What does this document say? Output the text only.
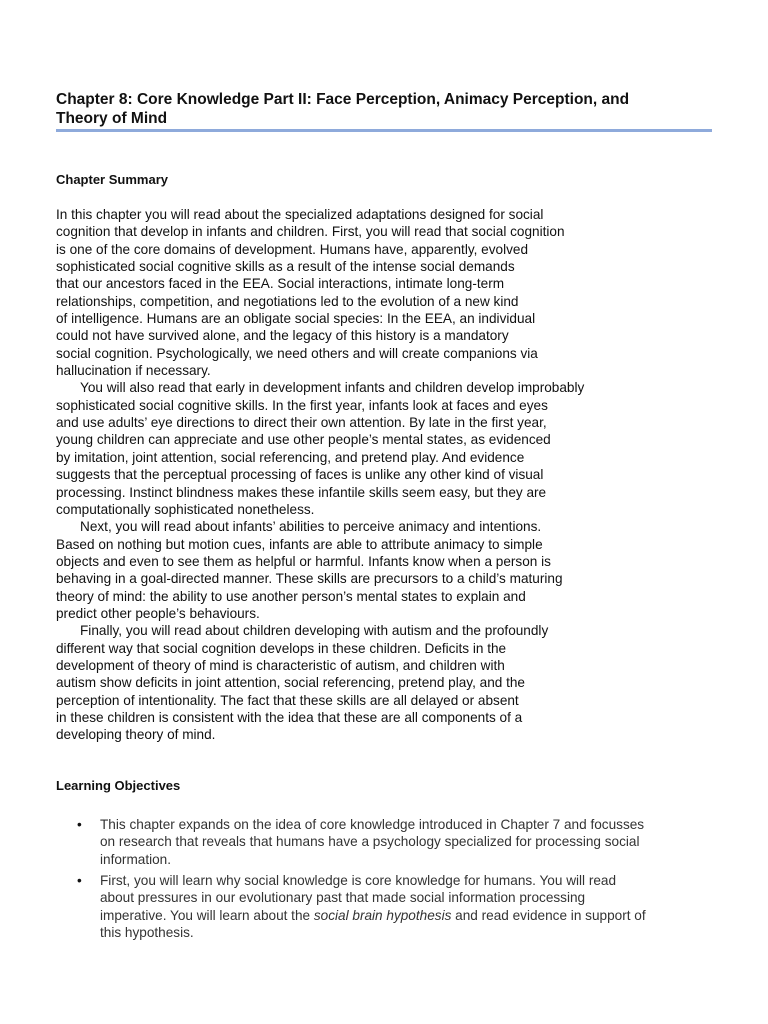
Chapter 8: Core Knowledge Part II: Face Perception, Animacy Perception, and
Theory of Mind
Chapter Summary
In this chapter you will read about the specialized adaptations designed for social
cognition that develop in infants and children. First, you will read that social cognition
is one of the core domains of development. Humans have, apparently, evolved
sophisticated social cognitive skills as a result of the intense social demands
that our ancestors faced in the EEA. Social interactions, intimate long-term
relationships, competition, and negotiations led to the evolution of a new kind
of intelligence. Humans are an obligate social species: In the EEA, an individual
could not have survived alone, and the legacy of this history is a mandatory
social cognition. Psychologically, we need others and will create companions via
hallucination if necessary.
You will also read that early in development infants and children develop improbably
sophisticated social cognitive skills. In the first year, infants look at faces and eyes
and use adults’ eye directions to direct their own attention. By late in the first year,
young children can appreciate and use other people’s mental states, as evidenced
by imitation, joint attention, social referencing, and pretend play. And evidence
suggests that the perceptual processing of faces is unlike any other kind of visual
processing. Instinct blindness makes these infantile skills seem easy, but they are
computationally sophisticated nonetheless.
Next, you will read about infants’ abilities to perceive animacy and intentions.
Based on nothing but motion cues, infants are able to attribute animacy to simple
objects and even to see them as helpful or harmful. Infants know when a person is
behaving in a goal-directed manner. These skills are precursors to a child’s maturing
theory of mind: the ability to use another person’s mental states to explain and
predict other people’s behaviours.
Finally, you will read about children developing with autism and the profoundly
different way that social cognition develops in these children. Deficits in the
development of theory of mind is characteristic of autism, and children with
autism show deficits in joint attention, social referencing, pretend play, and the
perception of intentionality. The fact that these skills are all delayed or absent
in these children is consistent with the idea that these are all components of a
developing theory of mind.
Learning Objectives
• This chapter expands on the idea of core knowledge introduced in Chapter 7 and focusses
on research that reveals that humans have a psychology specialized for processing social
information.
• First, you will learn why social knowledge is core knowledge for humans. You will read
about pressures in our evolutionary past that made social information processing
imperative. You will learn about the social brain hypothesis and read evidence in support of
this hypothesis.
